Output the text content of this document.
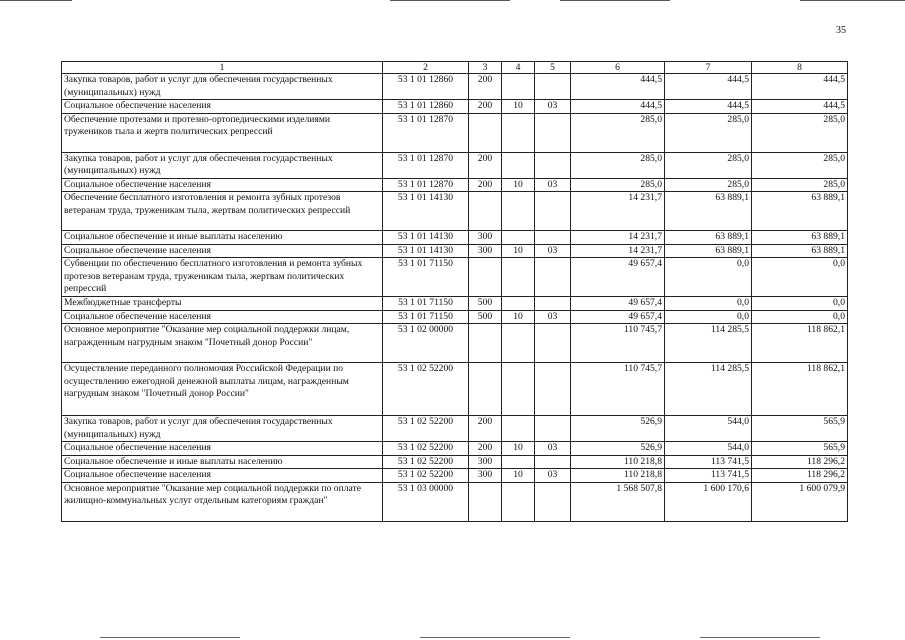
35
1	2	3	4	5	6	7	8
Закупка товаров, работ и услуг для обеспечения государственных (муниципальных) нужд	53 1 01 12860	200			444,5	444,5	444,5
Социальное обеспечение населения	53 1 01 12860	200	10	03	444,5	444,5	444,5
Обеспечение протезами и протезно-ортопедическими изделиями тружеников тыла и жертв политических репрессий	53 1 01 12870				285,0	285,0	285,0
Закупка товаров, работ и услуг для обеспечения государственных (муниципальных) нужд	53 1 01 12870	200			285,0	285,0	285,0
Социальное обеспечение населения	53 1 01 12870	200	10	03	285,0	285,0	285,0
Обеспечение бесплатного изготовления и ремонта зубных протезов ветеранам труда, труженикам тыла, жертвам политических репрессий	53 1 01 14130				14 231,7	63 889,1	63 889,1
Социальное обеспечение и иные выплаты населению	53 1 01 14130	300			14 231,7	63 889,1	63 889,1
Социальное обеспечение населения	53 1 01 14130	300	10	03	14 231,7	63 889,1	63 889,1
Субвенции по обеспечению бесплатного изготовления и ремонта зубных протезов ветеранам труда, труженикам тыла, жертвам политических репрессий	53 1 01 71150				49 657,4	0,0	0,0
Межбюджетные трансферты	53 1 01 71150	500			49 657,4	0,0	0,0
Социальное обеспечение населения	53 1 01 71150	500	10	03	49 657,4	0,0	0,0
Основное мероприятие "Оказание мер социальной поддержки лицам, награжденным нагрудным знаком "Почетный донор России"	53 1 02 00000				110 745,7	114 285,5	118 862,1
Осуществление переданного полномочия Российской Федерации по осуществлению ежегодной денежной выплаты лицам, награжденным нагрудным знаком "Почетный донор России"	53 1 02 52200				110 745,7	114 285,5	118 862,1
Закупка товаров, работ и услуг для обеспечения государственных (муниципальных) нужд	53 1 02 52200	200			526,9	544,0	565,9
Социальное обеспечение населения	53 1 02 52200	200	10	03	526,9	544,0	565,9
Социальное обеспечение и иные выплаты населению	53 1 02 52200	300			110 218,8	113 741,5	118 296,2
Социальное обеспечение населения	53 1 02 52200	300	10	03	110 218,8	113 741,5	118 296,2
Основное мероприятие "Оказание мер социальной поддержки по оплате жилищно-коммунальных услуг отдельным категориям граждан"	53 1 03 00000				1 568 507,8	1 600 170,6	1 600 079,9
